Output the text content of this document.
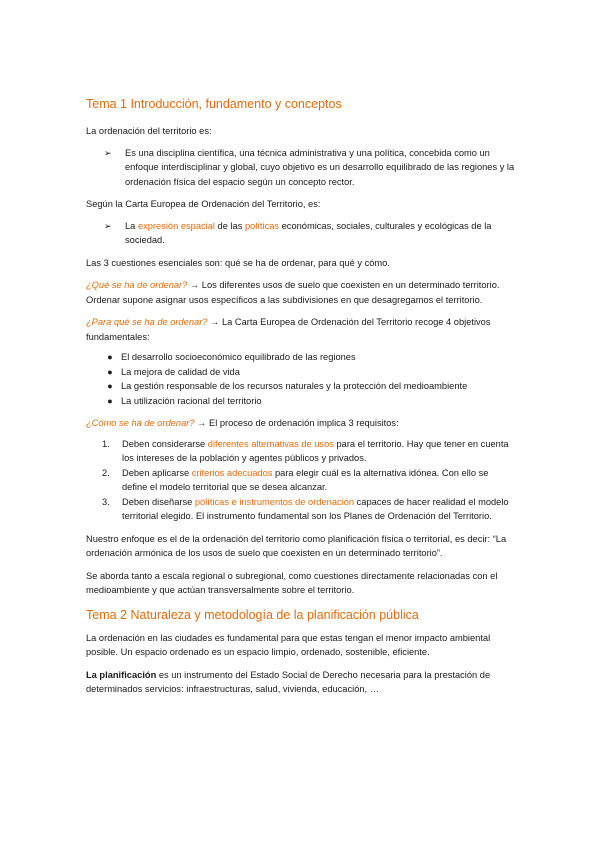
Tema 1 Introducción, fundamento y conceptos

La ordenación del territorio es:

➢	Es una disciplina científica, una técnica administrativa y una política, concebida como un enfoque interdisciplinar y global, cuyo objetivo es un desarrollo equilibrado de las regiones y la ordenación física del espacio según un concepto rector.

Según la Carta Europea de Ordenación del Territorio, es:

➢	La expresión espacial de las políticas económicas, sociales, culturales y ecológicas de la sociedad.

Las 3 cuestiones esenciales son: qué se ha de ordenar, para qué y cómo.

¿Qué se ha de ordenar? → Los diferentes usos de suelo que coexisten en un determinado territorio. Ordenar supone asignar usos específicos a las subdivisiones en que desagregamos el territorio.

¿Para qué se ha de ordenar? → La Carta Europea de Ordenación del Territorio recoge 4 objetivos fundamentales:

● El desarrollo socioeconómico equilibrado de las regiones
● La mejora de calidad de vida
● La gestión responsable de los recursos naturales y la protección del medioambiente
● La utilización racional del territorio

¿Cómo se ha de ordenar? → El proceso de ordenación implica 3 requisitos:

1.	Deben considerarse diferentes alternativas de usos para el territorio. Hay que tener en cuenta los intereses de la población y agentes públicos y privados.
2.	Deben aplicarse criterios adecuados para elegir cuál es la alternativa idónea. Con ello se define el modelo territorial que se desea alcanzar.
3.	Deben diseñarse políticas e instrumentos de ordenación capaces de hacer realidad el modelo territorial elegido. El instrumento fundamental son los Planes de Ordenación del Territorio.

Nuestro enfoque es el de la ordenación del territorio como planificación física o territorial, es decir: “La ordenación armónica de los usos de suelo que coexisten en un determinado territorio”.

Se aborda tanto a escala regional o subregional, como cuestiones directamente relacionadas con el medioambiente y que actúan transversalmente sobre el territorio.

Tema 2 Naturaleza y metodología de la planificación pública

La ordenación en las ciudades es fundamental para que estas tengan el menor impacto ambiental posible. Un espacio ordenado es un espacio limpio, ordenado, sostenible, eficiente.

La planificación es un instrumento del Estado Social de Derecho necesaria para la prestación de determinados servicios: infraestructuras, salud, vivienda, educación, …
